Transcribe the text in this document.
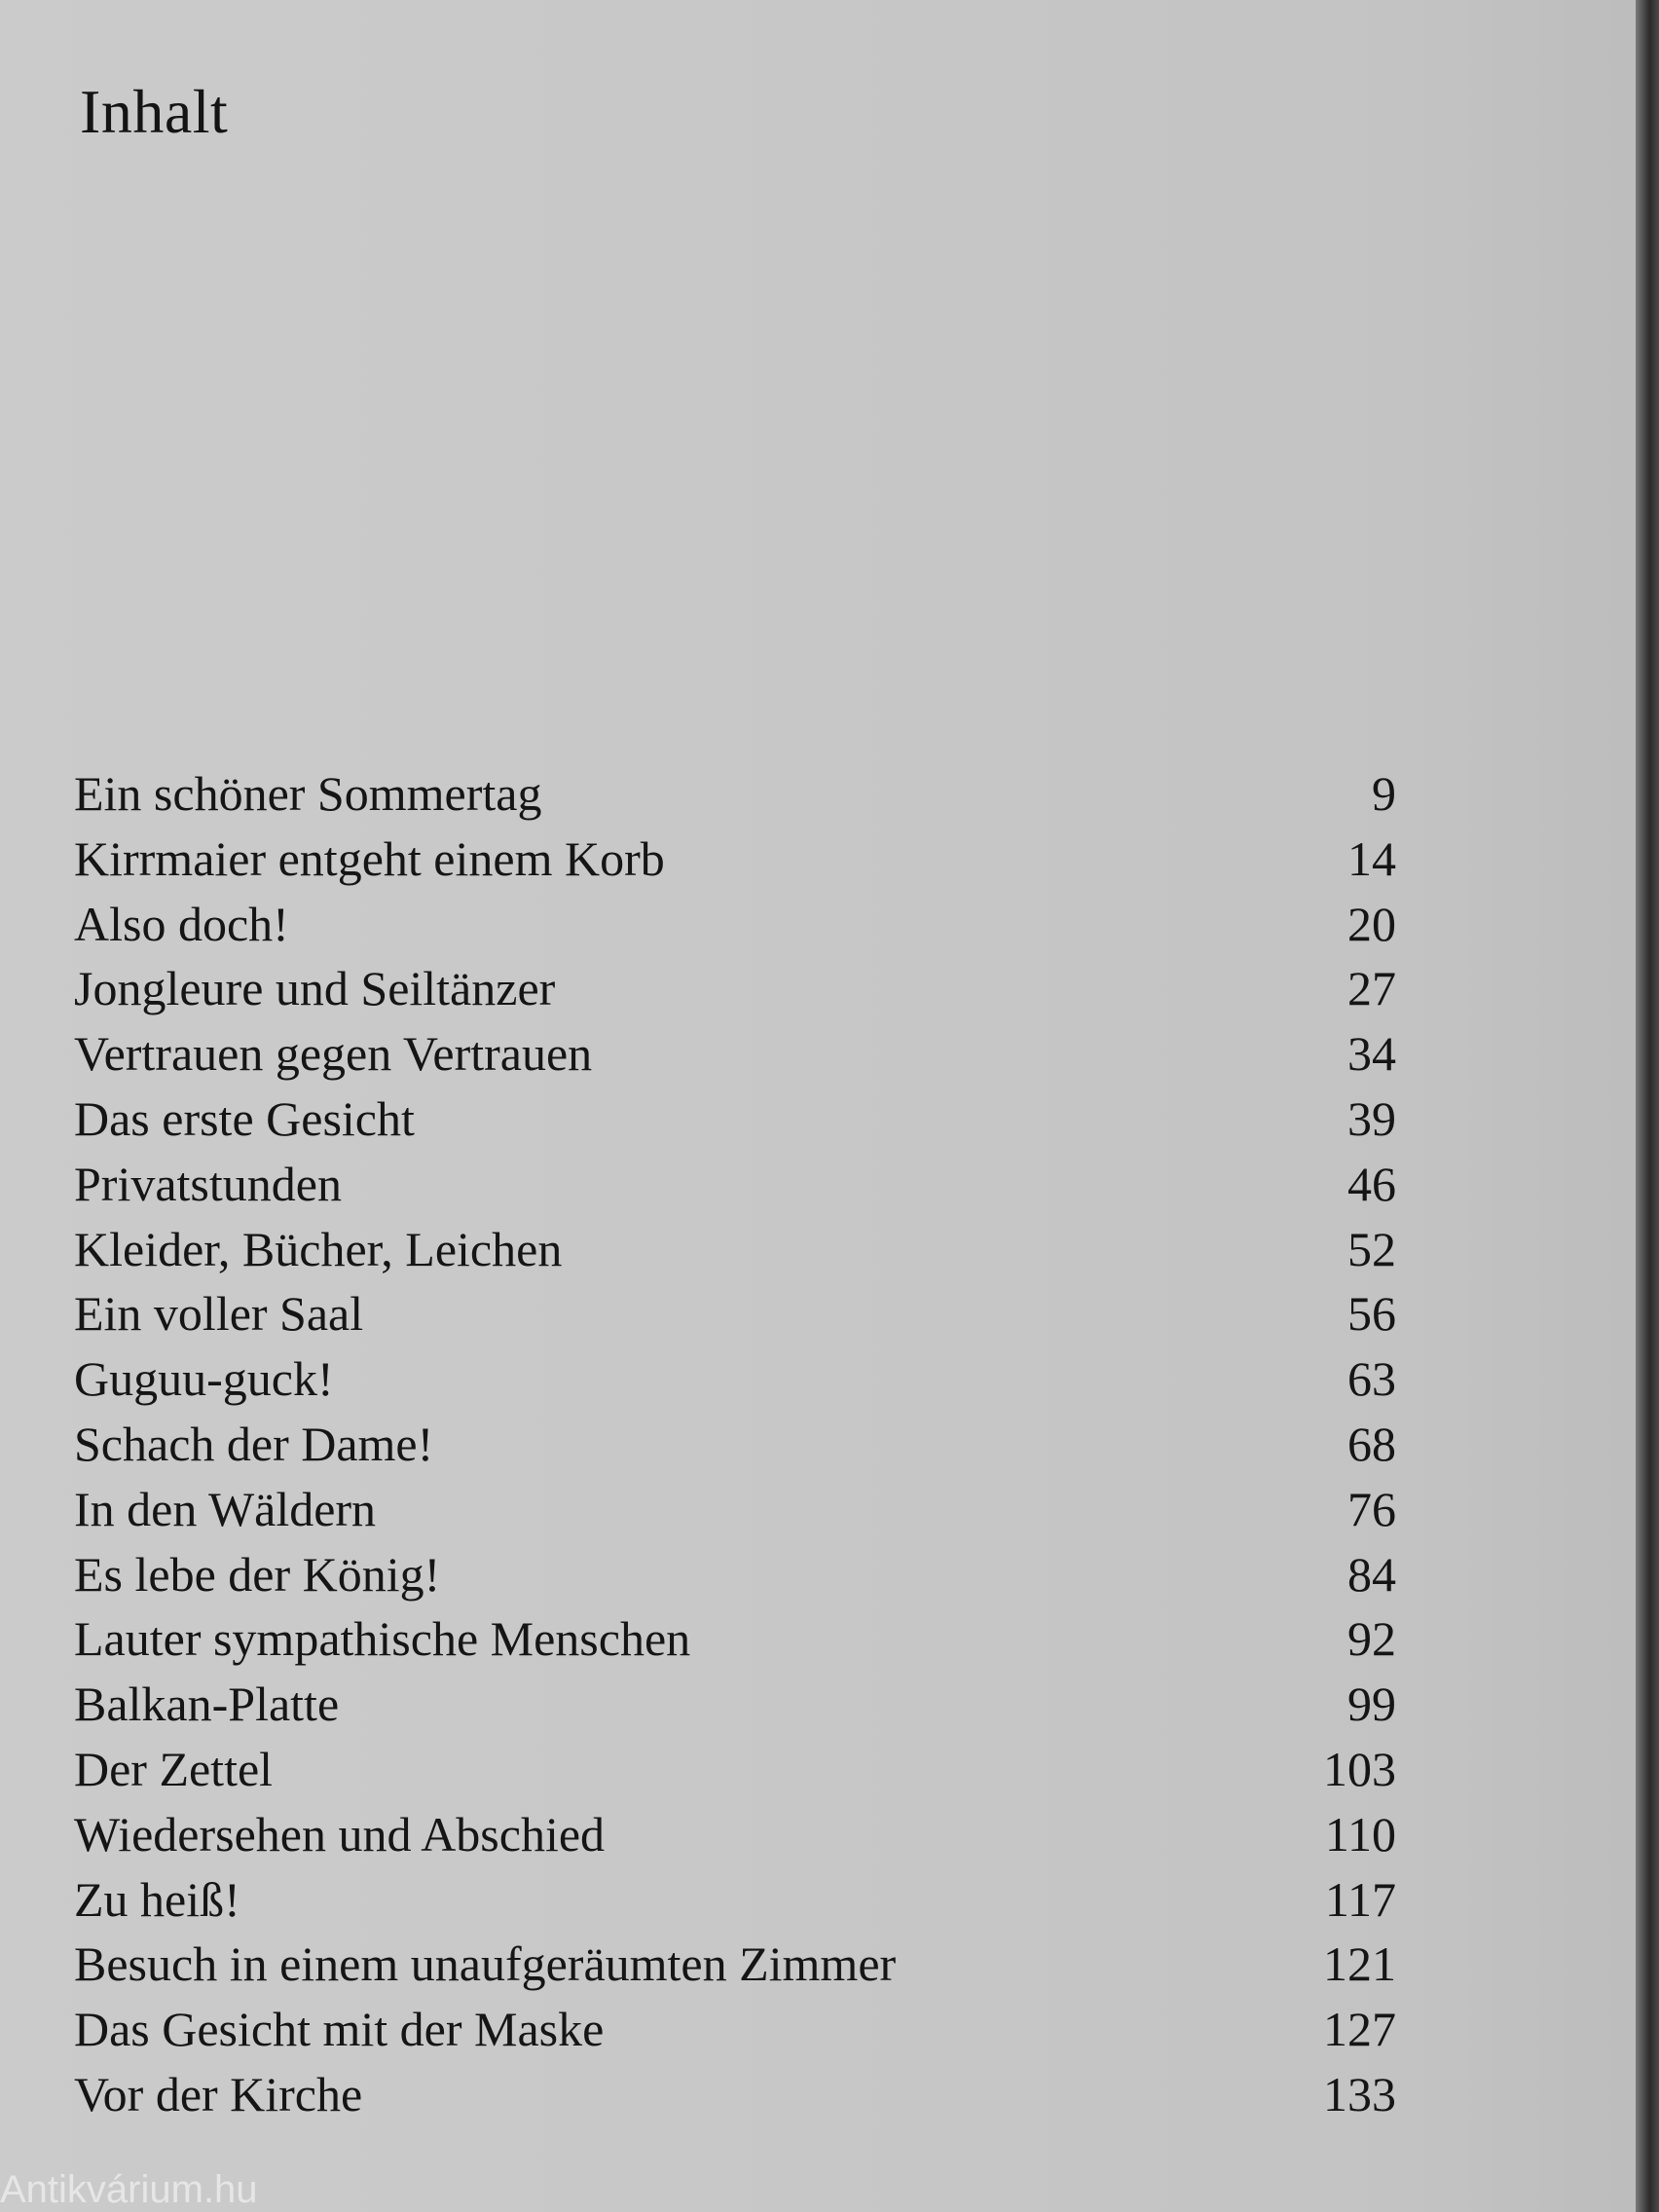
Inhalt
Ein schöner Sommertag	9
Kirrmaier entgeht einem Korb	14
Also doch!	20
Jongleure und Seiltänzer	27
Vertrauen gegen Vertrauen	34
Das erste Gesicht	39
Privatstunden	46
Kleider, Bücher, Leichen	52
Ein voller Saal	56
Guguu-guck!	63
Schach der Dame!	68
In den Wäldern	76
Es lebe der König!	84
Lauter sympathische Menschen	92
Balkan-Platte	99
Der Zettel	103
Wiedersehen und Abschied	110
Zu heiß!	117
Besuch in einem unaufgeräumten Zimmer	121
Das Gesicht mit der Maske	127
Vor der Kirche	133
Antikvárium.hu
